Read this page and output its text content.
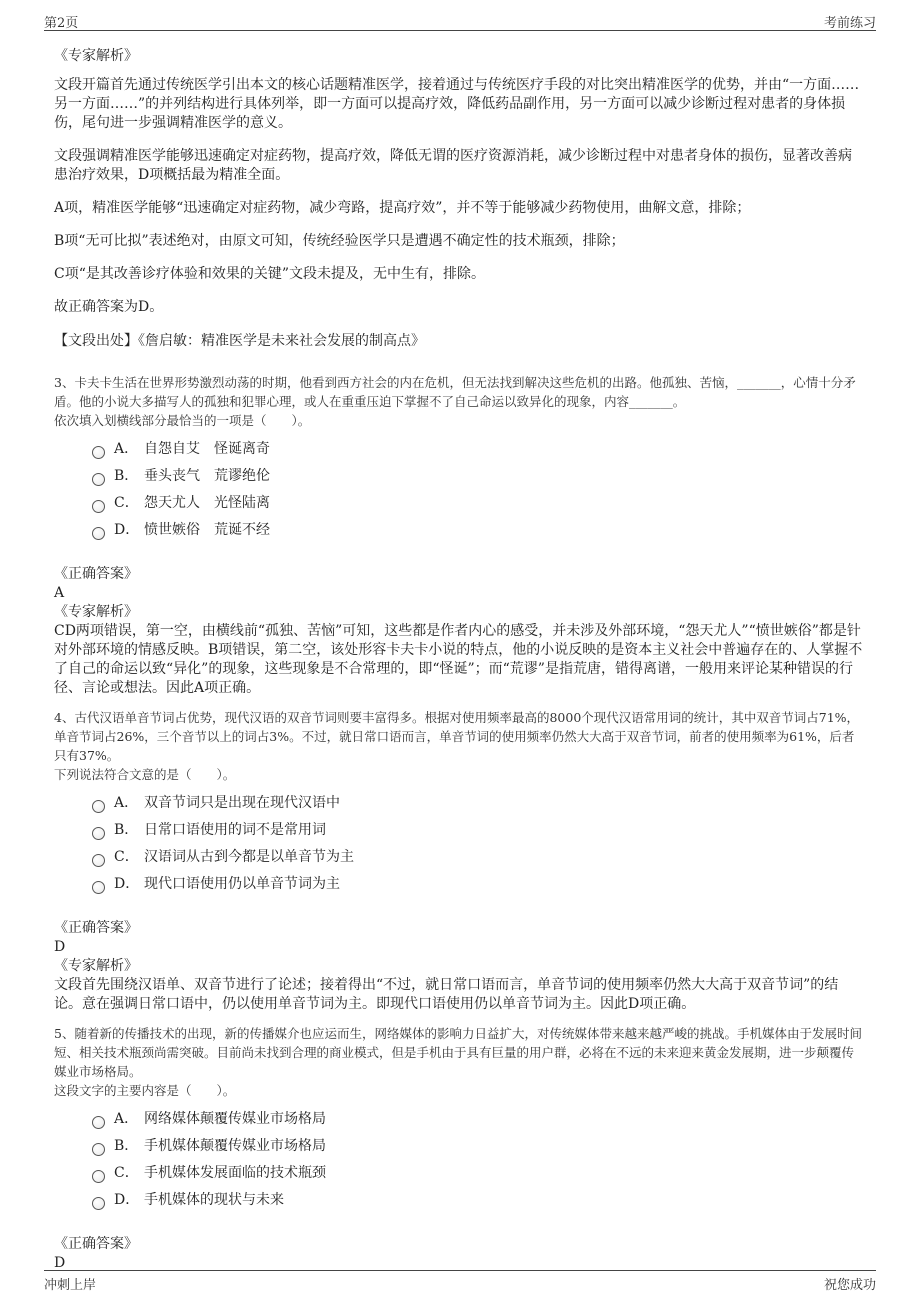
第2页	考前练习

《专家解析》

文段开篇首先通过传统医学引出本文的核心话题精准医学，接着通过与传统医疗手段的对比突出精准医学的优势，并由“一方面……另一方面……”的并列结构进行具体列举，即一方面可以提高疗效，降低药品副作用，另一方面可以减少诊断过程对患者的身体损伤，尾句进一步强调精准医学的意义。

文段强调精准医学能够迅速确定对症药物，提高疗效，降低无谓的医疗资源消耗，减少诊断过程中对患者身体的损伤，显著改善病患治疗效果，D项概括最为精准全面。

A项，精准医学能够“迅速确定对症药物，减少弯路，提高疗效”，并不等于能够减少药物使用，曲解文意，排除；

B项“无可比拟”表述绝对，由原文可知，传统经验医学只是遭遇不确定性的技术瓶颈，排除；

C项“是其改善诊疗体验和效果的关键”文段未提及，无中生有，排除。

故正确答案为D。

【文段出处】《詹启敏：精准医学是未来社会发展的制高点》

3、卡夫卡生活在世界形势激烈动荡的时期，他看到西方社会的内在危机，但无法找到解决这些危机的出路。他孤独、苦恼，_______，心情十分矛盾。他的小说大多描写人的孤独和犯罪心理，或人在重重压迫下掌握不了自己命运以致异化的现象，内容_______。

依次填入划横线部分最恰当的一项是（　　）。

A． 自怨自艾　怪诞离奇
B． 垂头丧气　荒谬绝伦
C． 怨天尤人　光怪陆离
D． 愤世嫉俗　荒诞不经

《正确答案》

A

《专家解析》

CD两项错误，第一空，由横线前“孤独、苦恼”可知，这些都是作者内心的感受，并未涉及外部环境，“怨天尤人”“愤世嫉俗”都是针对外部环境的情感反映。B项错误，第二空，该处形容卡夫卡小说的特点，他的小说反映的是资本主义社会中普遍存在的、人掌握不了自己的命运以致“异化”的现象，这些现象是不合常理的，即“怪诞”；而“荒谬”是指荒唐，错得离谱，一般用来评论某种错误的行径、言论或想法。因此A项正确。

4、古代汉语单音节词占优势，现代汉语的双音节词则要丰富得多。根据对使用频率最高的8000个现代汉语常用词的统计，其中双音节词占71%，单音节词占26%，三个音节以上的词占3%。不过，就日常口语而言，单音节词的使用频率仍然大大高于双音节词，前者的使用频率为61%，后者只有37%。

下列说法符合文意的是（　　）。

A． 双音节词只是出现在现代汉语中
B． 日常口语使用的词不是常用词
C． 汉语词从古到今都是以单音节为主
D． 现代口语使用仍以单音节词为主

《正确答案》

D

《专家解析》

文段首先围绕汉语单、双音节进行了论述；接着得出“不过，就日常口语而言，单音节词的使用频率仍然大大高于双音节词”的结论。意在强调日常口语中，仍以使用单音节词为主。即现代口语使用仍以单音节词为主。因此D项正确。

5、随着新的传播技术的出现，新的传播媒介也应运而生，网络媒体的影响力日益扩大，对传统媒体带来越来越严峻的挑战。手机媒体由于发展时间短、相关技术瓶颈尚需突破。目前尚未找到合理的商业模式，但是手机由于具有巨量的用户群，必将在不远的未来迎来黄金发展期，进一步颠覆传媒业市场格局。

这段文字的主要内容是（　　）。

A． 网络媒体颠覆传媒业市场格局
B． 手机媒体颠覆传媒业市场格局
C． 手机媒体发展面临的技术瓶颈
D． 手机媒体的现状与未来

《正确答案》

D

冲刺上岸	祝您成功
